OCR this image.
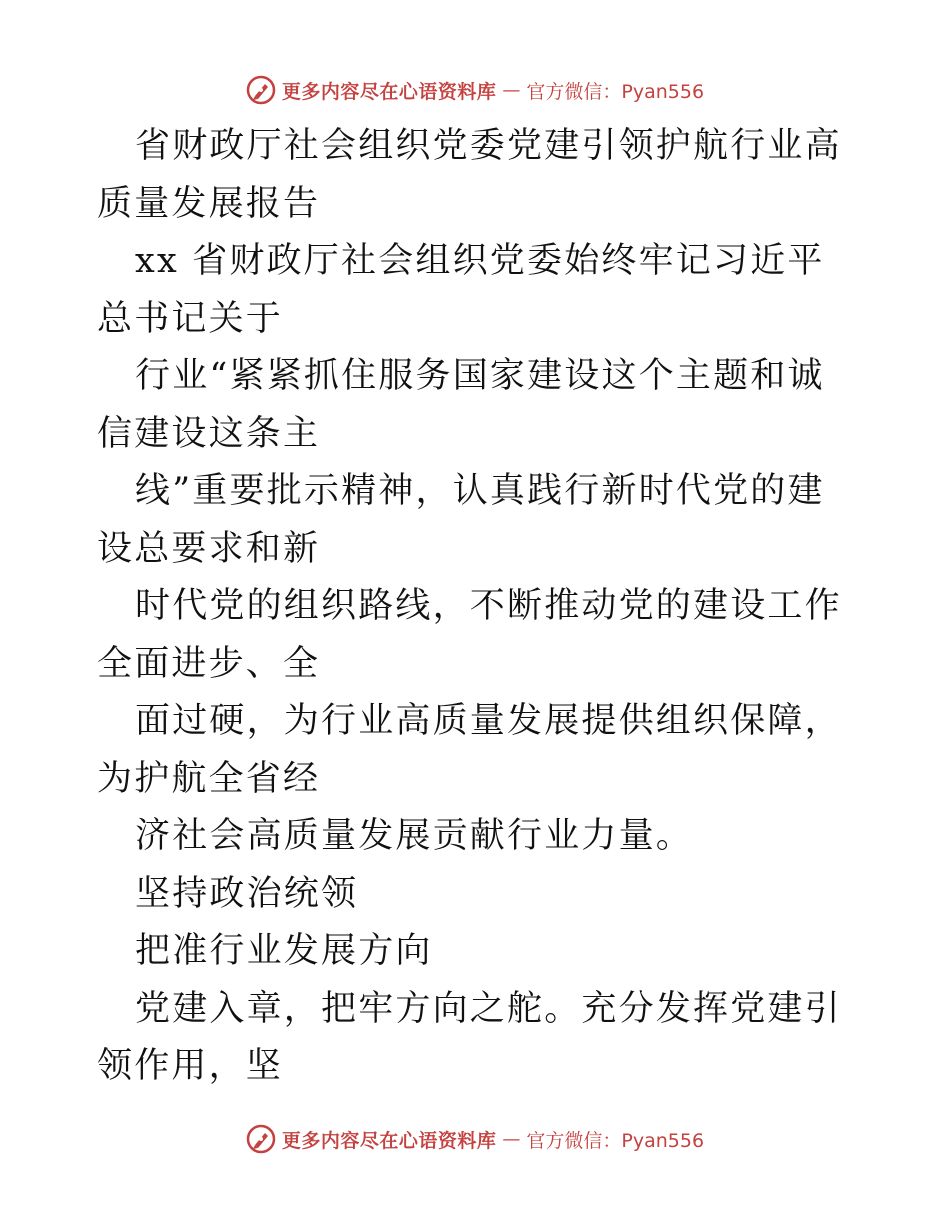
更多内容尽在心语资料库 — 官方微信：Pyan556

省财政厅社会组织党委党建引领护航行业高质量发展报告

xx 省财政厅社会组织党委始终牢记习近平总书记关于

行业“紧紧抓住服务国家建设这个主题和诚信建设这条主

线”重要批示精神，认真践行新时代党的建设总要求和新

时代党的组织路线，不断推动党的建设工作全面进步、全

面过硬，为行业高质量发展提供组织保障，为护航全省经

济社会高质量发展贡献行业力量。

坚持政治统领

把准行业发展方向

党建入章，把牢方向之舵。充分发挥党建引领作用，坚

更多内容尽在心语资料库 — 官方微信：Pyan556
